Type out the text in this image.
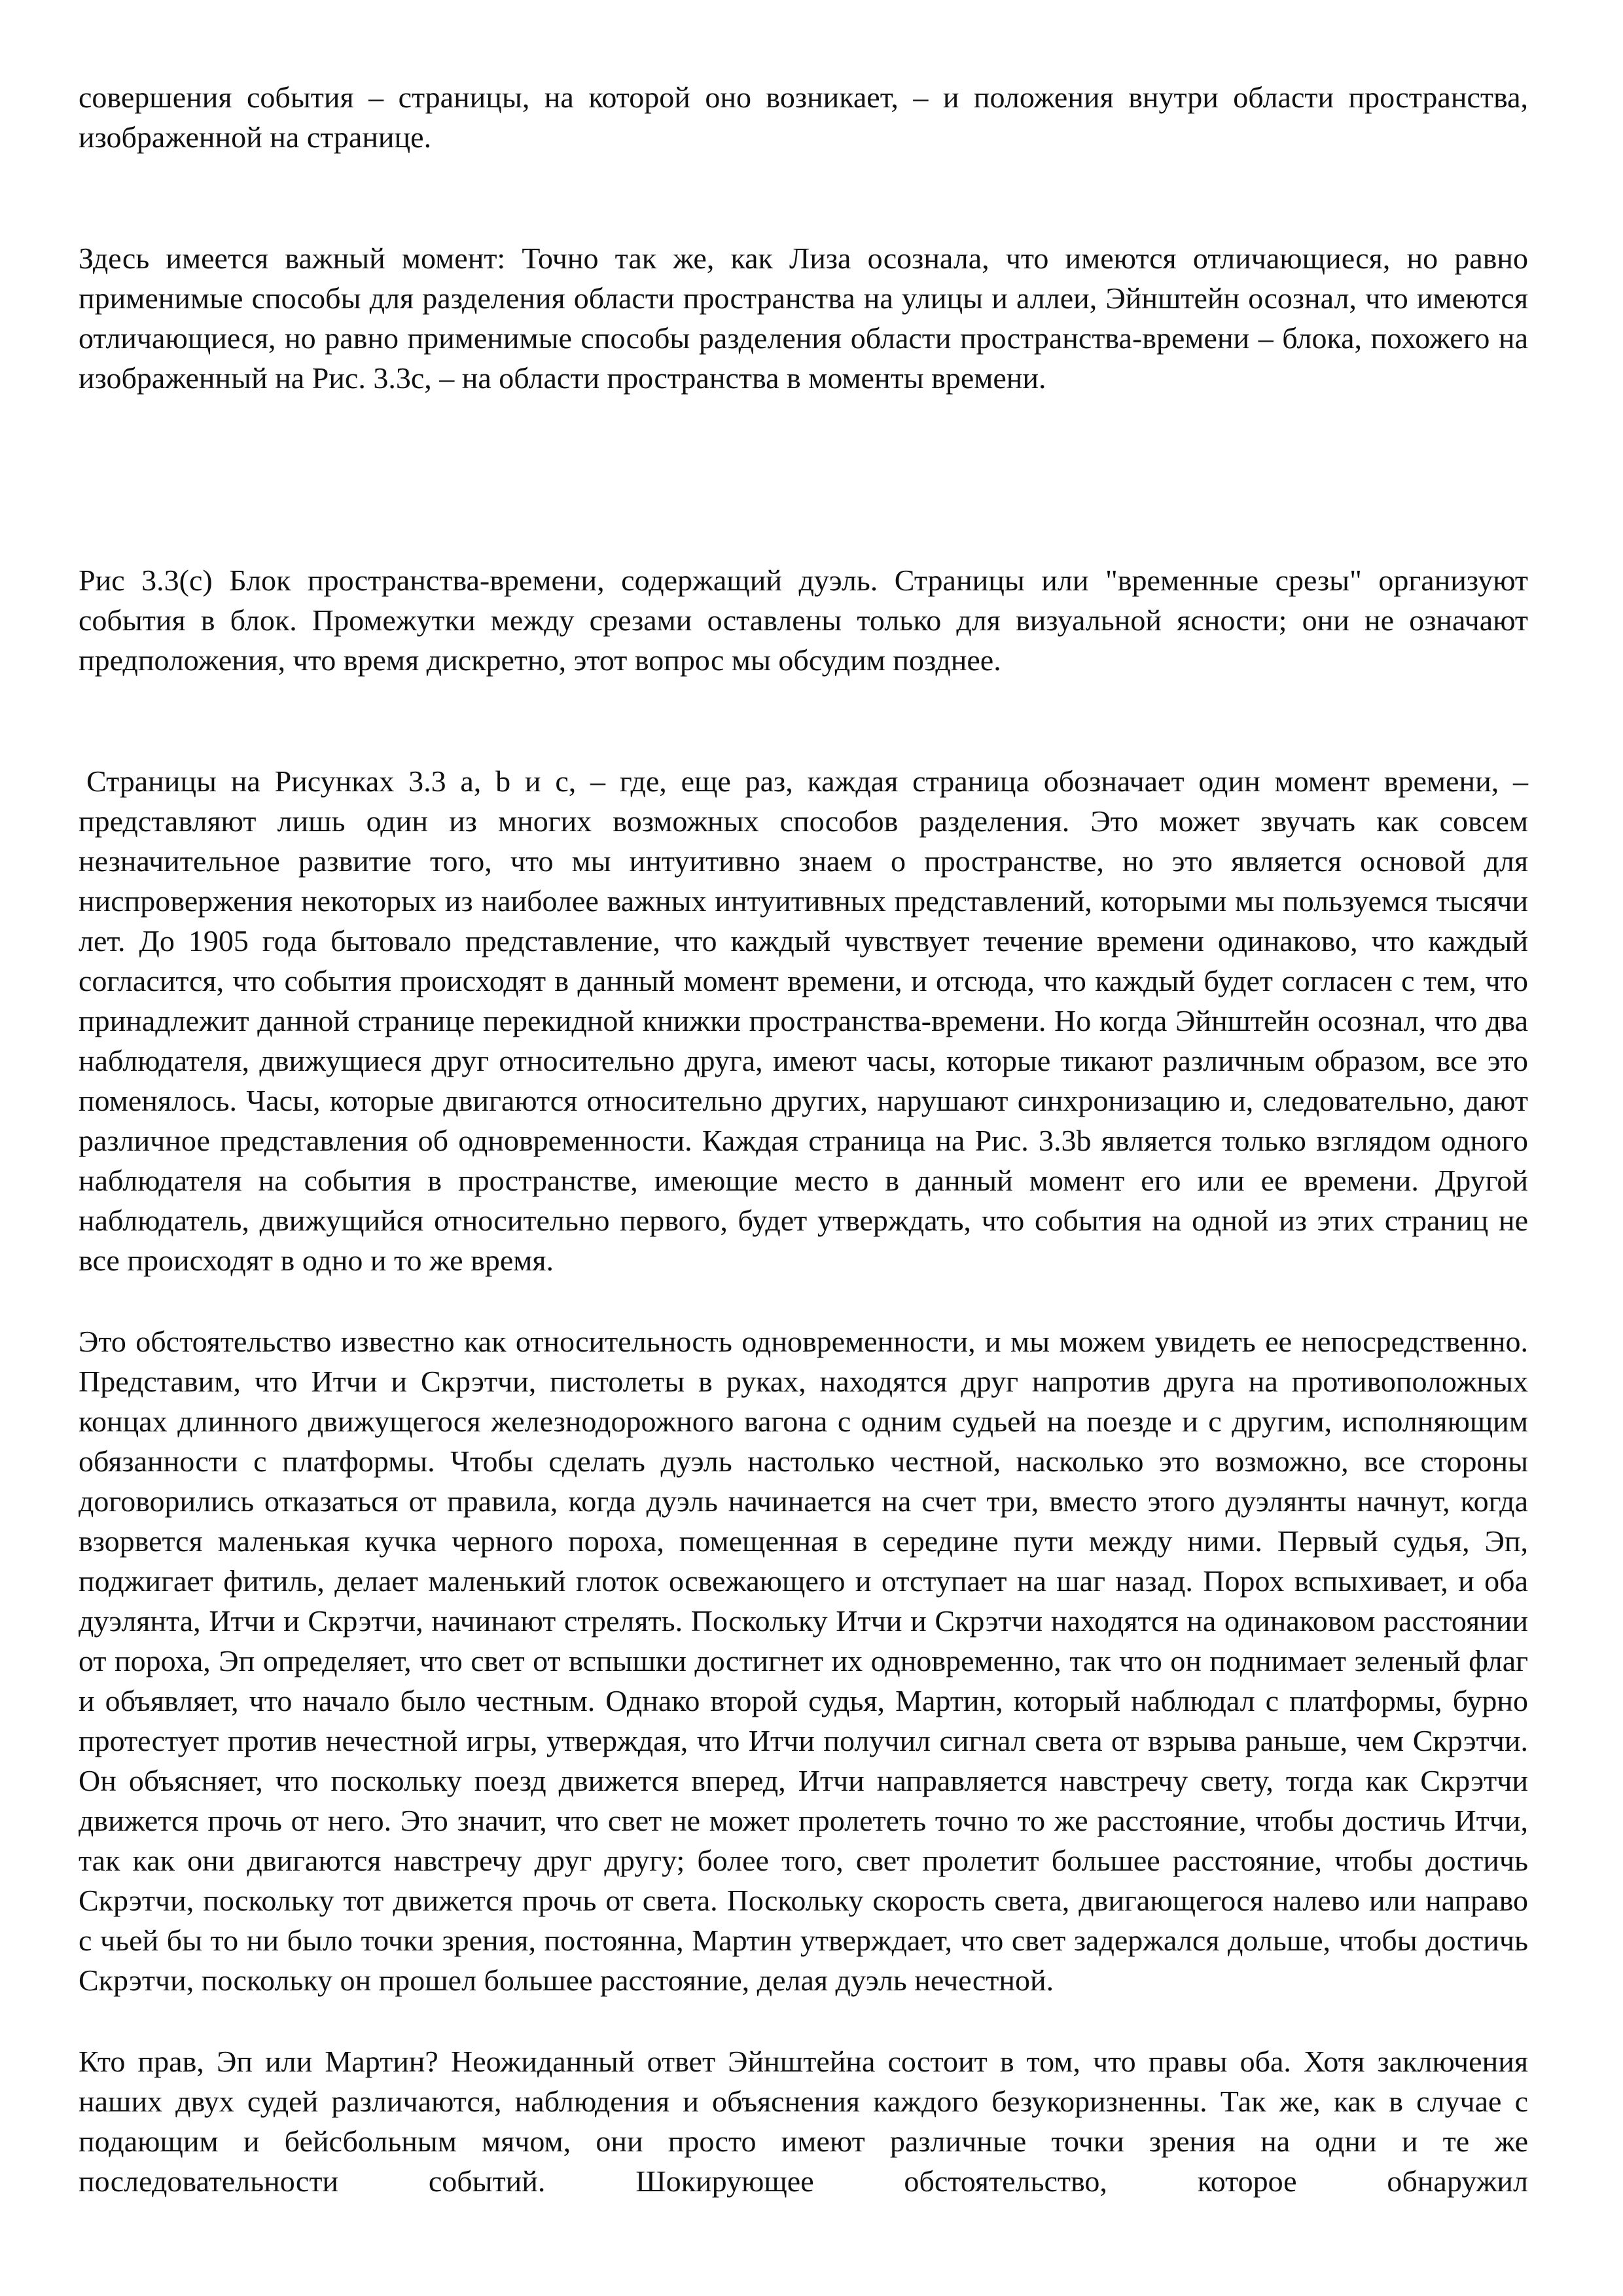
совершения события – страницы, на которой оно возникает, – и положения внутри области пространства, изображенной на странице.

Здесь имеется важный момент: Точно так же, как Лиза осознала, что имеются отличающиеся, но равно применимые способы для разделения области пространства на улицы и аллеи, Эйнштейн осознал, что имеются отличающиеся, но равно применимые способы разделения области пространства-времени – блока, похожего на изображенный на Рис. 3.3c, – на области пространства в моменты времени.

Рис 3.3(c) Блок пространства-времени, содержащий дуэль. Страницы или "временные срезы" организуют события в блок. Промежутки между срезами оставлены только для визуальной ясности; они не означают предположения, что время дискретно, этот вопрос мы обсудим позднее.

Страницы на Рисунках 3.3 а, b и c, – где, еще раз, каждая страница обозначает один момент времени, – представляют лишь один из многих возможных способов разделения. Это может звучать как совсем незначительное развитие того, что мы интуитивно знаем о пространстве, но это является основой для ниспровержения некоторых из наиболее важных интуитивных представлений, которыми мы пользуемся тысячи лет. До 1905 года бытовало представление, что каждый чувствует течение времени одинаково, что каждый согласится, что события происходят в данный момент времени, и отсюда, что каждый будет согласен с тем, что принадлежит данной странице перекидной книжки пространства-времени. Но когда Эйнштейн осознал, что два наблюдателя, движущиеся друг относительно друга, имеют часы, которые тикают различным образом, все это поменялось. Часы, которые двигаются относительно других, нарушают синхронизацию и, следовательно, дают различное представления об одновременности. Каждая страница на Рис. 3.3b является только взглядом одного наблюдателя на события в пространстве, имеющие место в данный момент его или ее времени. Другой наблюдатель, движущийся относительно первого, будет утверждать, что события на одной из этих страниц не все происходят в одно и то же время.

Это обстоятельство известно как относительность одновременности, и мы можем увидеть ее непосредственно. Представим, что Итчи и Скрэтчи, пистолеты в руках, находятся друг напротив друга на противоположных концах длинного движущегося железнодорожного вагона с одним судьей на поезде и с другим, исполняющим обязанности с платформы. Чтобы сделать дуэль настолько честной, насколько это возможно, все стороны договорились отказаться от правила, когда дуэль начинается на счет три, вместо этого дуэлянты начнут, когда взорвется маленькая кучка черного пороха, помещенная в середине пути между ними. Первый судья, Эп, поджигает фитиль, делает маленький глоток освежающего и отступает на шаг назад. Порох вспыхивает, и оба дуэлянта, Итчи и Скрэтчи, начинают стрелять. Поскольку Итчи и Скрэтчи находятся на одинаковом расстоянии от пороха, Эп определяет, что свет от вспышки достигнет их одновременно, так что он поднимает зеленый флаг и объявляет, что начало было честным. Однако второй судья, Мартин, который наблюдал с платформы, бурно протестует против нечестной игры, утверждая, что Итчи получил сигнал света от взрыва раньше, чем Скрэтчи. Он объясняет, что поскольку поезд движется вперед, Итчи направляется навстречу свету, тогда как Скрэтчи движется прочь от него. Это значит, что свет не может пролететь точно то же расстояние, чтобы достичь Итчи, так как они двигаются навстречу друг другу; более того, свет пролетит большее расстояние, чтобы достичь Скрэтчи, поскольку тот движется прочь от света. Поскольку скорость света, двигающегося налево или направо с чьей бы то ни было точки зрения, постоянна, Мартин утверждает, что свет задержался дольше, чтобы достичь Скрэтчи, поскольку он прошел большее расстояние, делая дуэль нечестной.

Кто прав, Эп или Мартин? Неожиданный ответ Эйнштейна состоит в том, что правы оба. Хотя заключения наших двух судей различаются, наблюдения и объяснения каждого безукоризненны. Так же, как в случае с подающим и бейсбольным мячом, они просто имеют различные точки зрения на одни и те же последовательности событий. Шокирующее обстоятельство, которое обнаружил
